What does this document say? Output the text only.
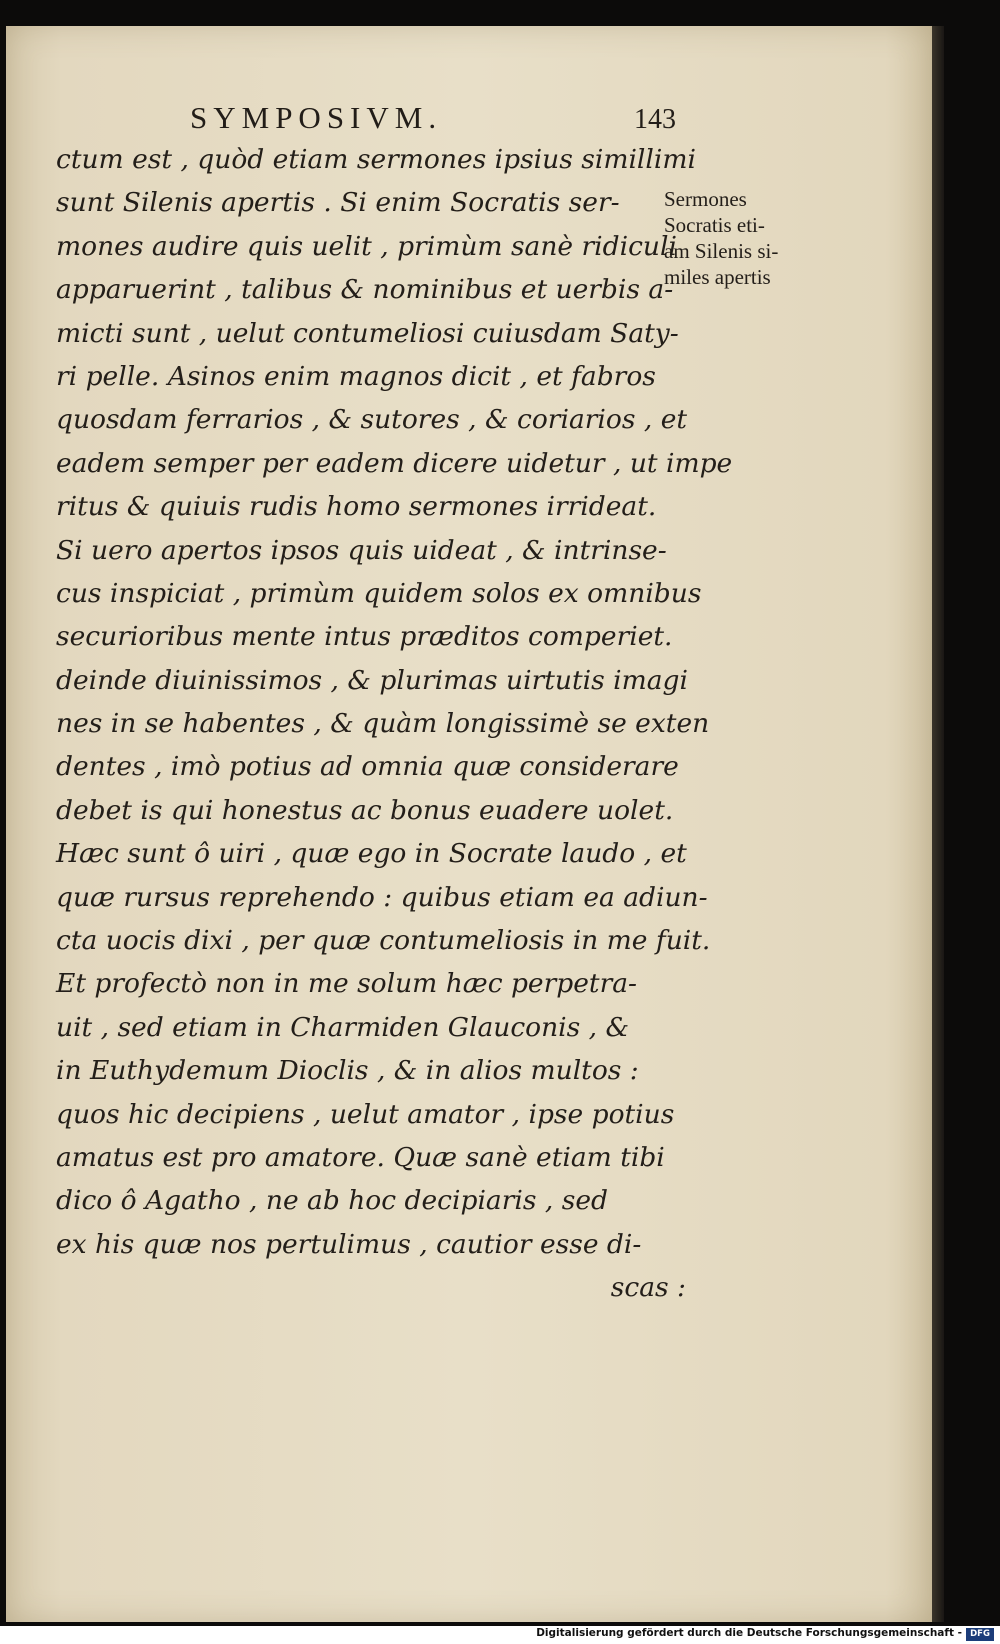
SYMPOSIVM.	143
ctum est , quòd etiam sermones ipsius simillimi
sunt Silenis apertis . Si enim Socratis ser-
mones audire quis uelit , primùm sanè ridiculi
apparuerint , talibus & nominibus et uerbis a-
micti sunt , uelut contumeliosi cuiusdam Saty-
ri pelle. Asinos enim magnos dicit , et fabros
quosdam ferrarios , & sutores , & coriarios , et
eadem semper per eadem dicere uidetur , ut impe
ritus & quiuis rudis homo sermones irrideat.
Si uero apertos ipsos quis uideat , & intrinse-
cus inspiciat , primùm quidem solos ex omnibus
securioribus mente intus præditos comperiet.
deinde diuinissimos , & plurimas uirtutis imagi
nes in se habentes , & quàm longissimè se exten
dentes , imò potius ad omnia quæ considerare
debet is qui honestus ac bonus euadere uolet.
Hæc sunt ô uiri , quæ ego in Socrate laudo , et
quæ rursus reprehendo : quibus etiam ea adiun-
cta uocis dixi , per quæ contumeliosis in me fuit.
Et profectò non in me solum hæc perpetra-
uit , sed etiam in Charmiden Glauconis , &
in Euthydemum Dioclis , & in alios multos :
quos hic decipiens , uelut amator , ipse potius
amatus est pro amatore. Quæ sanè etiam tibi
dico ô Agatho , ne ab hoc decipiaris , sed
ex his quæ nos pertulimus , cautior esse di-
scas :
Sermones
Socratis eti-
am Silenis si-
miles apertis
Digitalisierung gefördert durch die Deutsche Forschungsgemeinschaft - DFG
